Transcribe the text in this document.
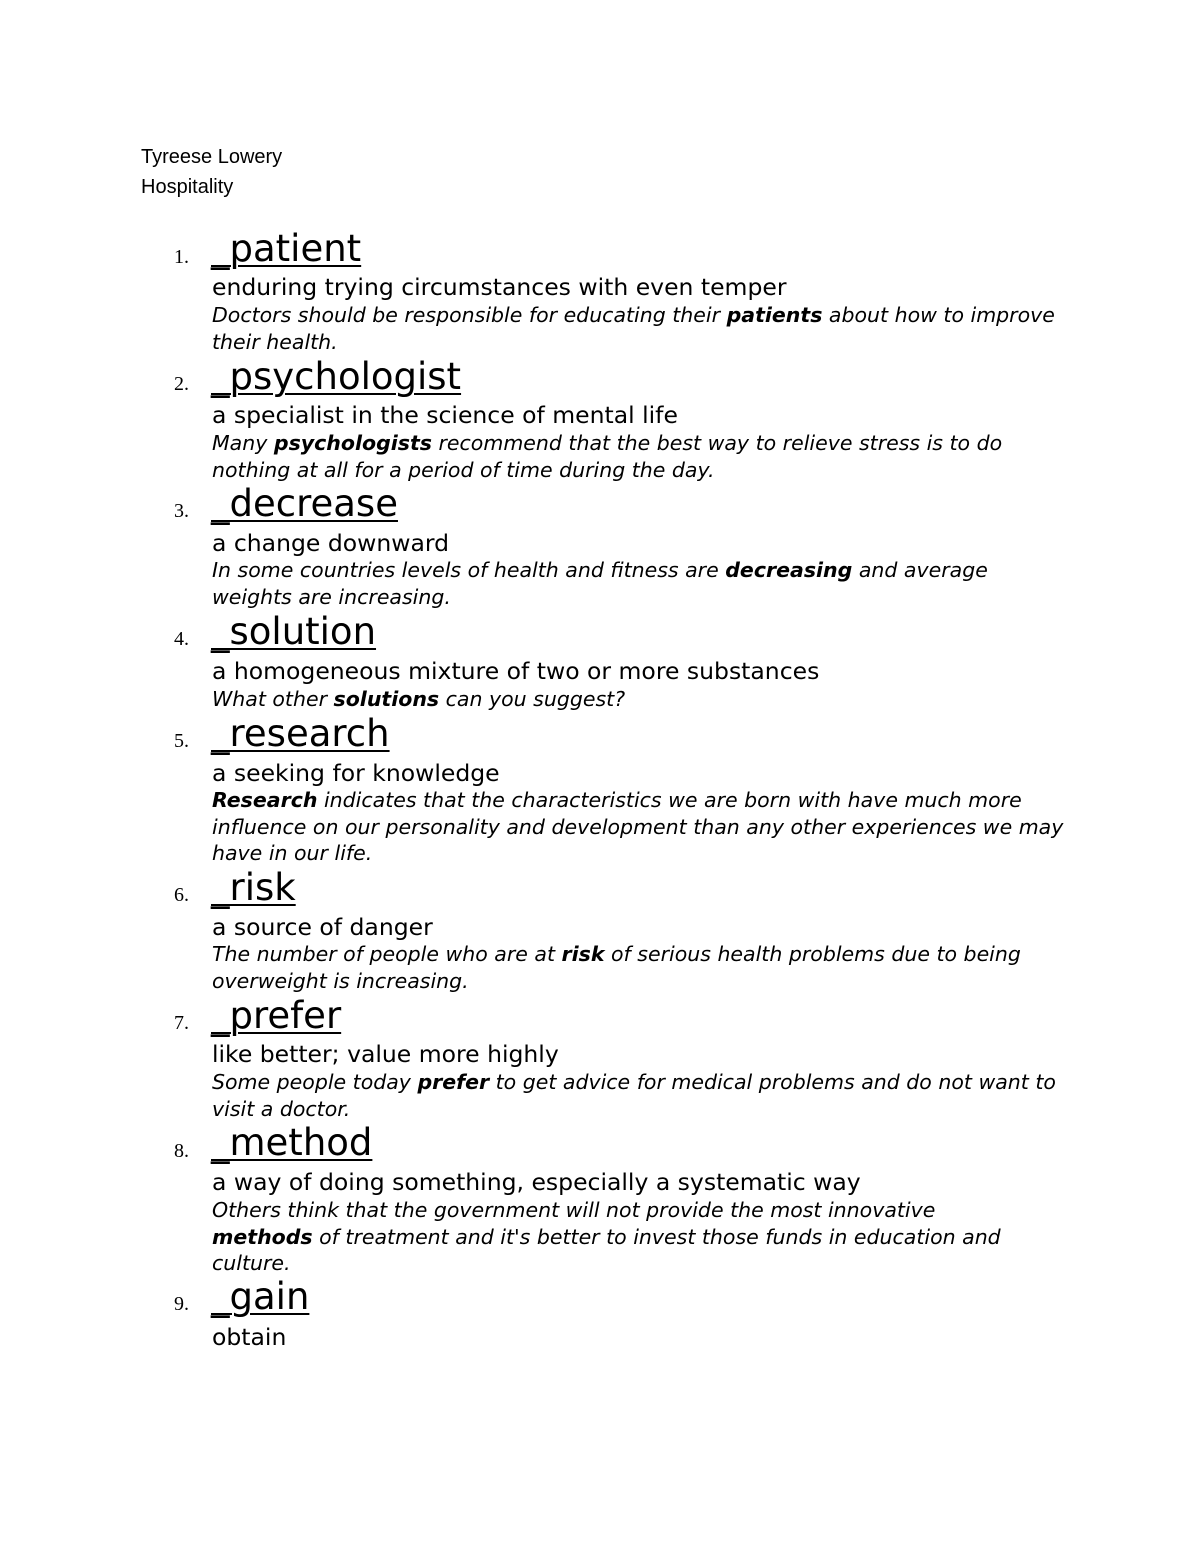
Tyreese Lowery
Hospitality
1. _patient
enduring trying circumstances with even temper
Doctors should be responsible for educating their patients about how to improve their health.
2. _psychologist
a specialist in the science of mental life
Many psychologists recommend that the best way to relieve stress is to do nothing at all for a period of time during the day.
3. _decrease
a change downward
In some countries levels of health and fitness are decreasing and average weights are increasing.
4. _solution
a homogeneous mixture of two or more substances
What other solutions can you suggest?
5. _research
a seeking for knowledge
Research indicates that the characteristics we are born with have much more influence on our personality and development than any other experiences we may have in our life.
6. _risk
a source of danger
The number of people who are at risk of serious health problems due to being overweight is increasing.
7. _prefer
like better; value more highly
Some people today prefer to get advice for medical problems and do not want to visit a doctor.
8. _method
a way of doing something, especially a systematic way
Others think that the government will not provide the most innovative methods of treatment and it's better to invest those funds in education and culture.
9. _gain
obtain
